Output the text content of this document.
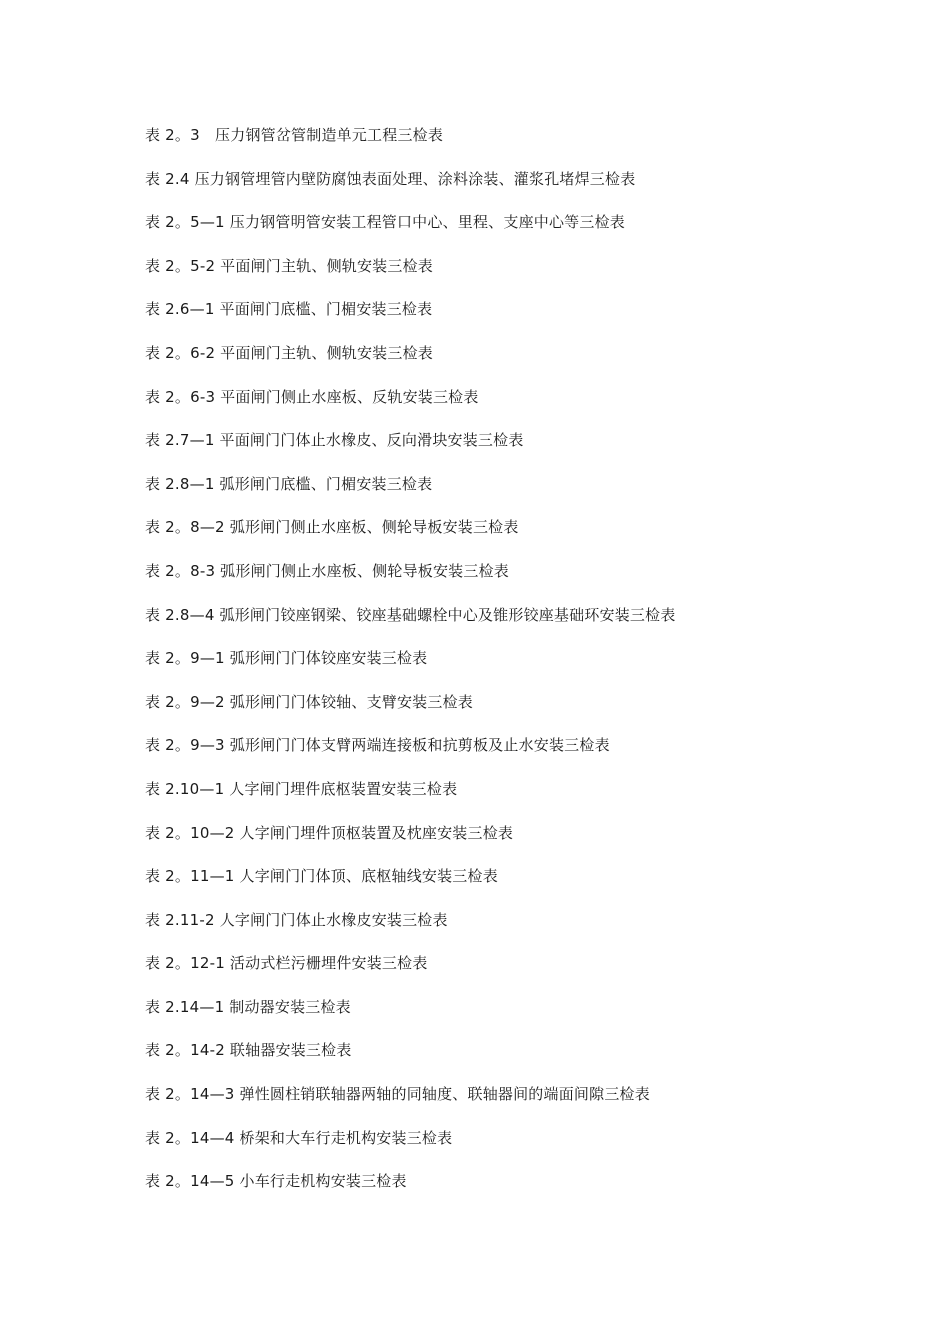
表 2。3　压力钢管岔管制造单元工程三检表
表 2.4 压力钢管埋管内壁防腐蚀表面处理、涂料涂装、灌浆孔堵焊三检表
表 2。5—1 压力钢管明管安装工程管口中心、里程、支座中心等三检表
表 2。5-2 平面闸门主轨、侧轨安装三检表
表 2.6—1 平面闸门底槛、门楣安装三检表
表 2。6-2 平面闸门主轨、侧轨安装三检表
表 2。6-3 平面闸门侧止水座板、反轨安装三检表
表 2.7—1 平面闸门门体止水橡皮、反向滑块安装三检表
表 2.8—1 弧形闸门底槛、门楣安装三检表
表 2。8—2 弧形闸门侧止水座板、侧轮导板安装三检表
表 2。8-3 弧形闸门侧止水座板、侧轮导板安装三检表
表 2.8—4 弧形闸门铰座钢梁、铰座基础螺栓中心及锥形铰座基础环安装三检表
表 2。9—1 弧形闸门门体铰座安装三检表
表 2。9—2 弧形闸门门体铰轴、支臂安装三检表
表 2。9—3 弧形闸门门体支臂两端连接板和抗剪板及止水安装三检表
表 2.10—1 人字闸门埋件底枢装置安装三检表
表 2。10—2 人字闸门埋件顶枢装置及枕座安装三检表
表 2。11—1 人字闸门门体顶、底枢轴线安装三检表
表 2.11-2 人字闸门门体止水橡皮安装三检表
表 2。12-1 活动式栏污栅埋件安装三检表
表 2.14—1 制动器安装三检表
表 2。14-2 联轴器安装三检表
表 2。14—3 弹性圆柱销联轴器两轴的同轴度、联轴器间的端面间隙三检表
表 2。14—4 桥架和大车行走机构安装三检表
表 2。14—5 小车行走机构安装三检表
